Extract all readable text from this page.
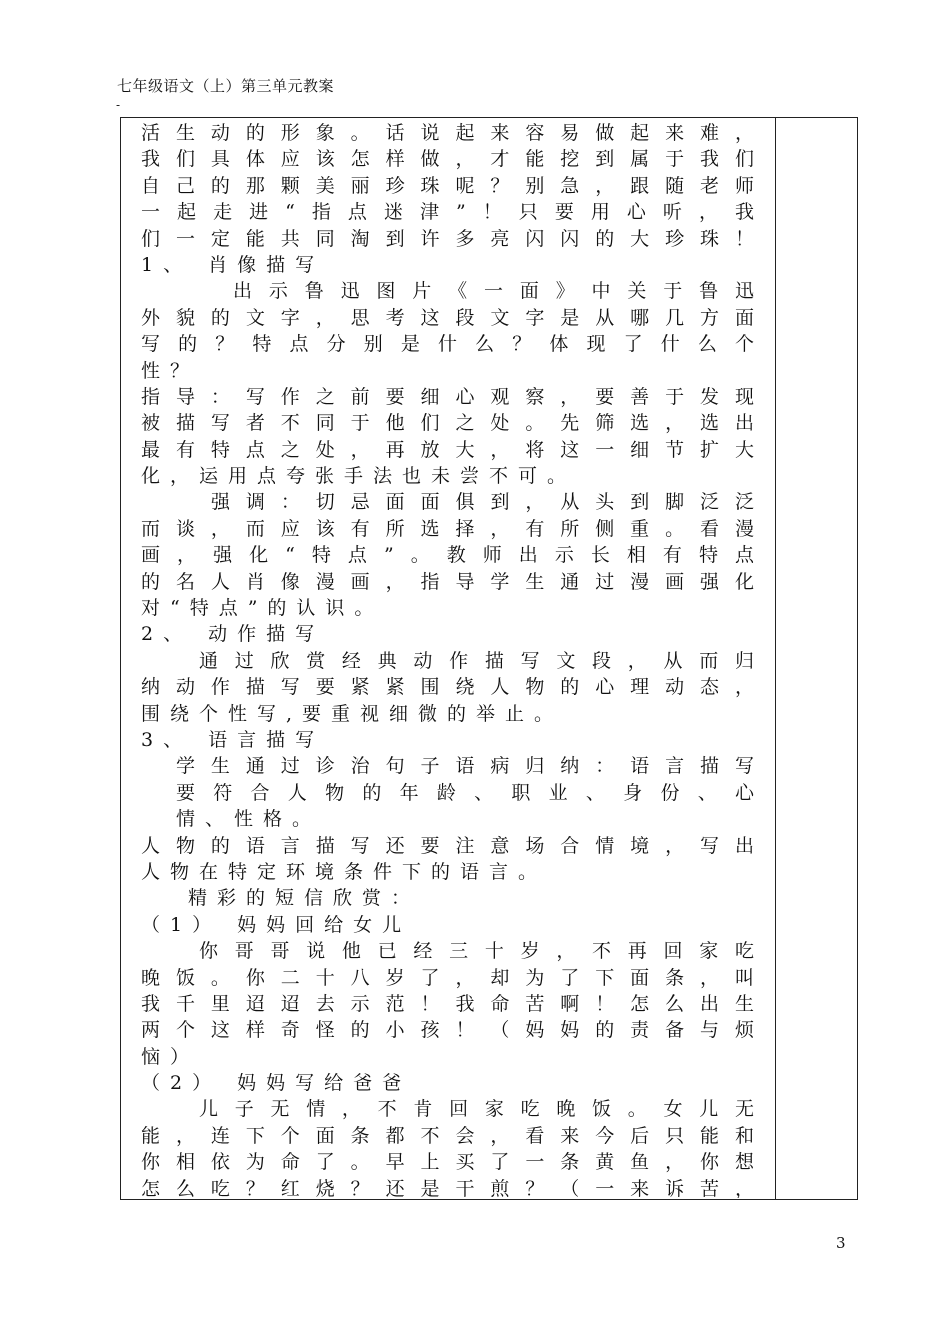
七年级语文（上）第三单元教案
-
活生动的形象。话说起来容易做起来难，
我们具体应该怎样做，才能挖到属于我们
自己的那颗美丽珍珠呢？别急，跟随老师
一起走进“指点迷津”！只要用心听，我
们一定能共同淘到许多亮闪闪的大珍珠！
1、 肖像描写
出示鲁迅图片《一面》中关于鲁迅
外貌的文字，思考这段文字是从哪几方面
写的？特点分别是什么？体现了什么个
性？
指导：写作之前要细心观察，要善于发现
被描写者不同于他们之处。先筛选，选出
最有特点之处，再放大，将这一细节扩大
化，运用点夸张手法也未尝不可。
强调：切忌面面俱到，从头到脚泛泛
而谈，而应该有所选择，有所侧重。看漫
画，强化“特点”。教师出示长相有特点
的名人肖像漫画，指导学生通过漫画强化
对“特点”的认识。
2、 动作描写
通过欣赏经典动作描写文段，从而归
纳动作描写要紧紧围绕人物的心理动态，
围绕个性写,要重视细微的举止。
3、 语言描写
学生通过诊治句子语病归纳：语言描写
要符合人物的年龄、职业、身份、心
情、性格。
人物的语言描写还要注意场合情境，写出
人物在特定环境条件下的语言。
精彩的短信欣赏：
（1） 妈妈回给女儿
你哥哥说他已经三十岁，不再回家吃
晚饭。你二十八岁了，却为了下面条，叫
我千里迢迢去示范！我命苦啊！怎么出生
两个这样奇怪的小孩！（妈妈的责备与烦
恼）
（2） 妈妈写给爸爸
儿子无情，不肯回家吃晚饭。女儿无
能，连下个面条都不会，看来今后只能和
你相依为命了。早上买了一条黄鱼，你想
怎么吃？红烧？还是干煎？（一来诉苦，
3
